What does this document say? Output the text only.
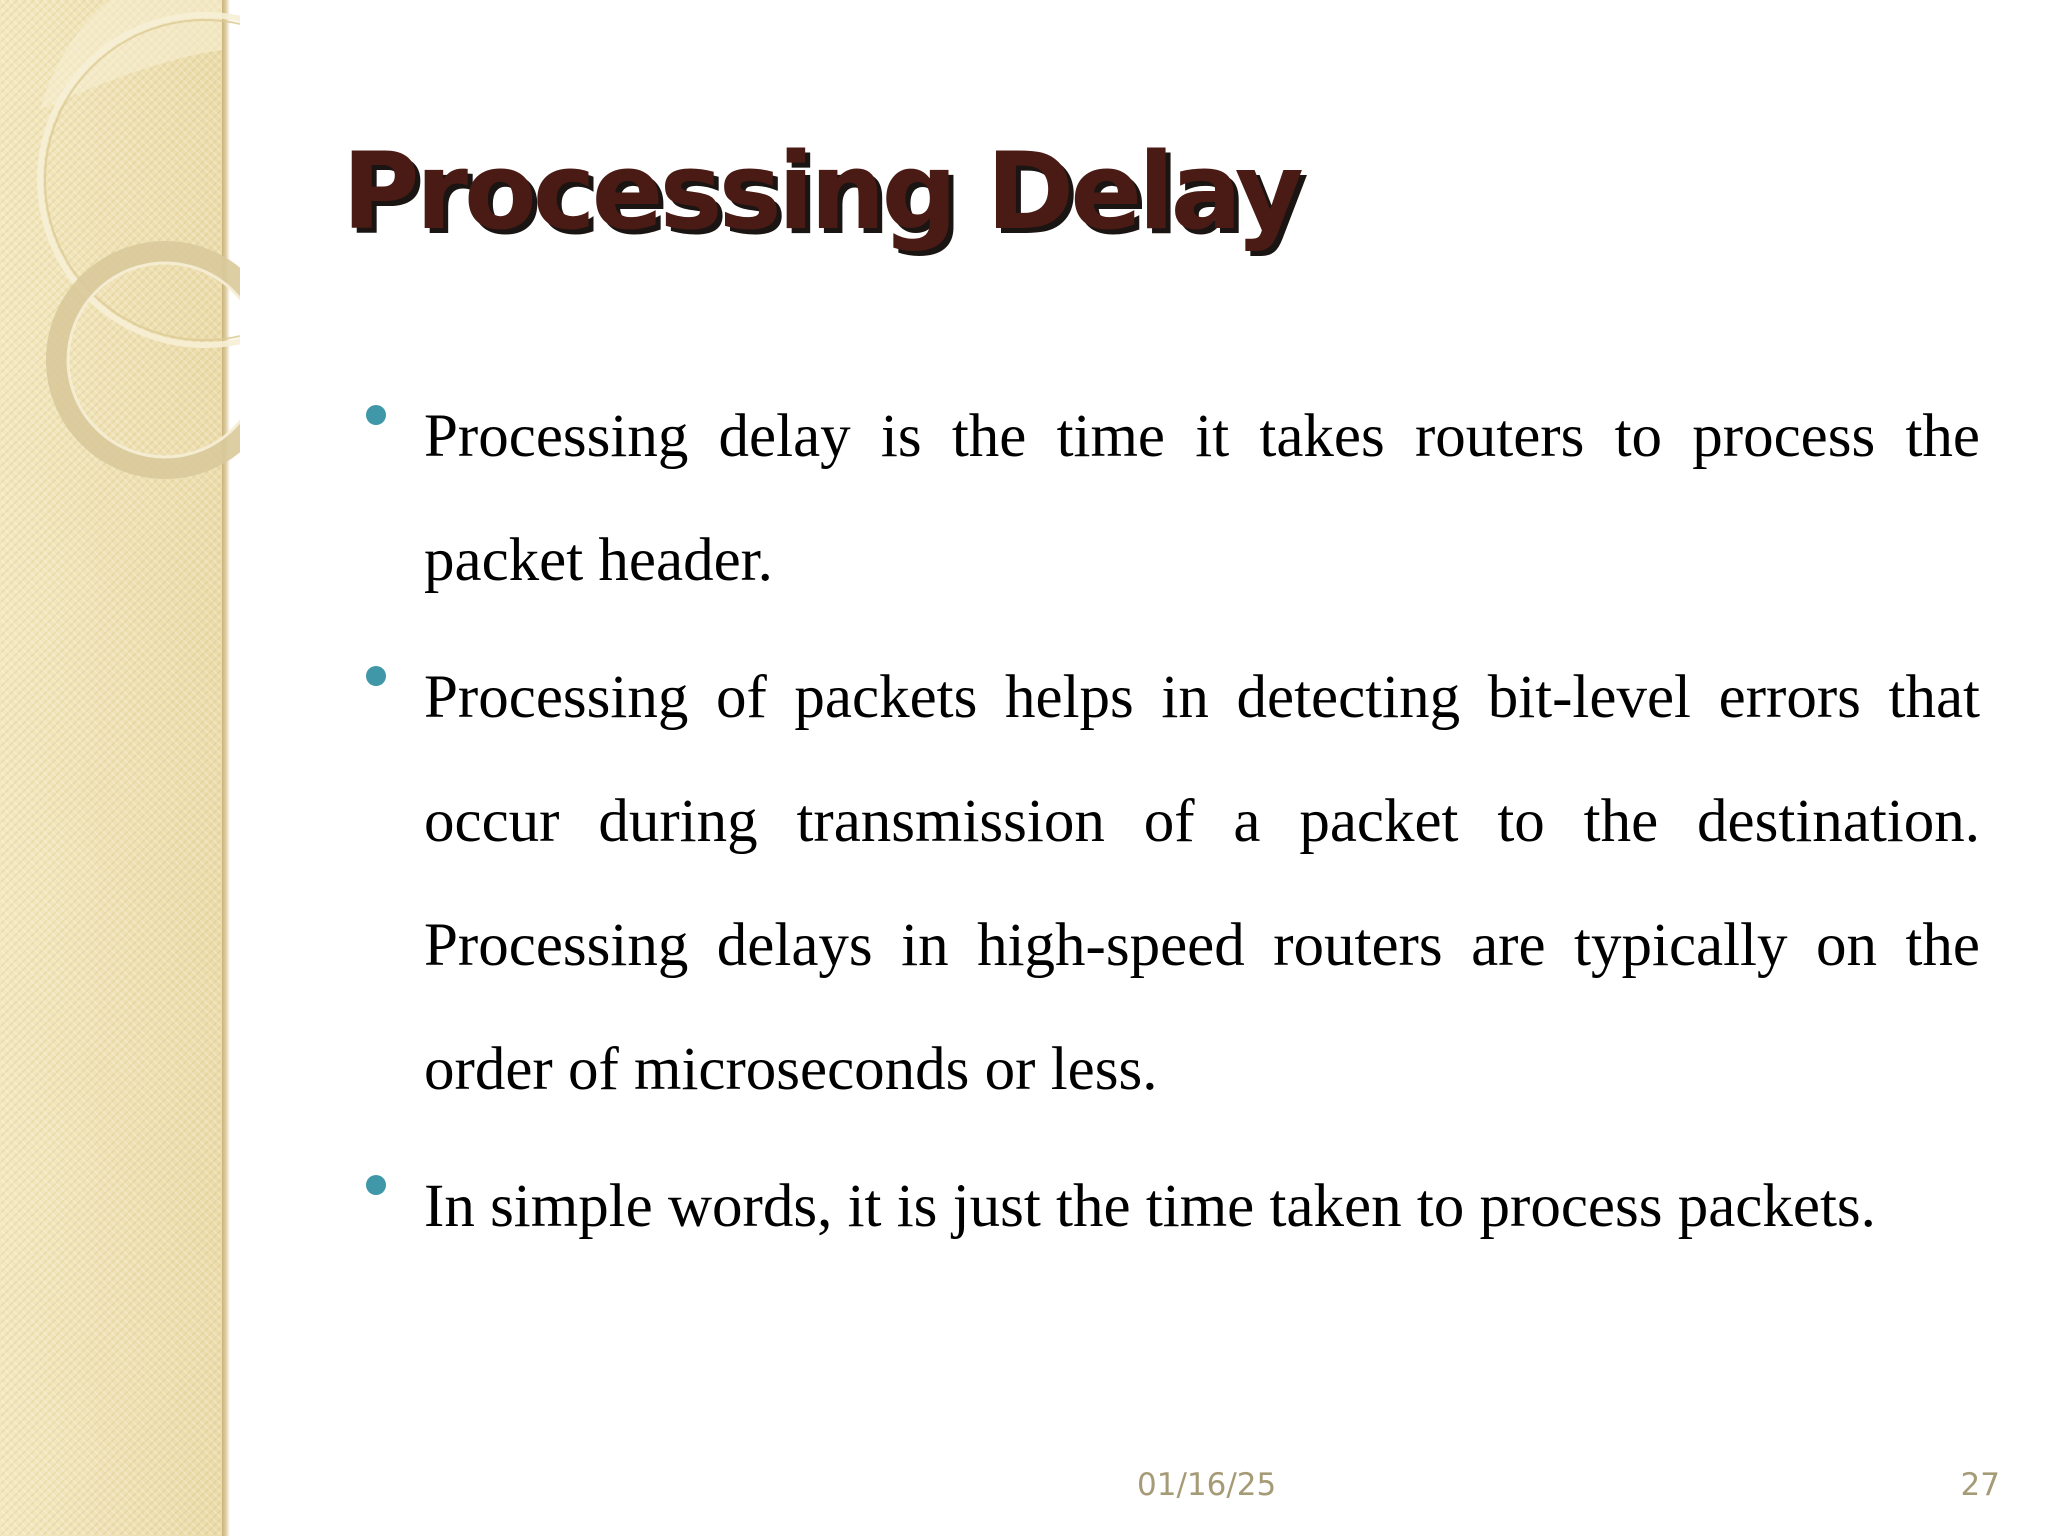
Processing Delay
Processing delay is the time it takes routers to process the packet header.
Processing of packets helps in detecting bit-level errors that occur during transmission of a packet to the destination. Processing delays in high-speed routers are typically on the order of microseconds or less.
In simple words, it is just the time taken to process packets.
01/16/25	27
